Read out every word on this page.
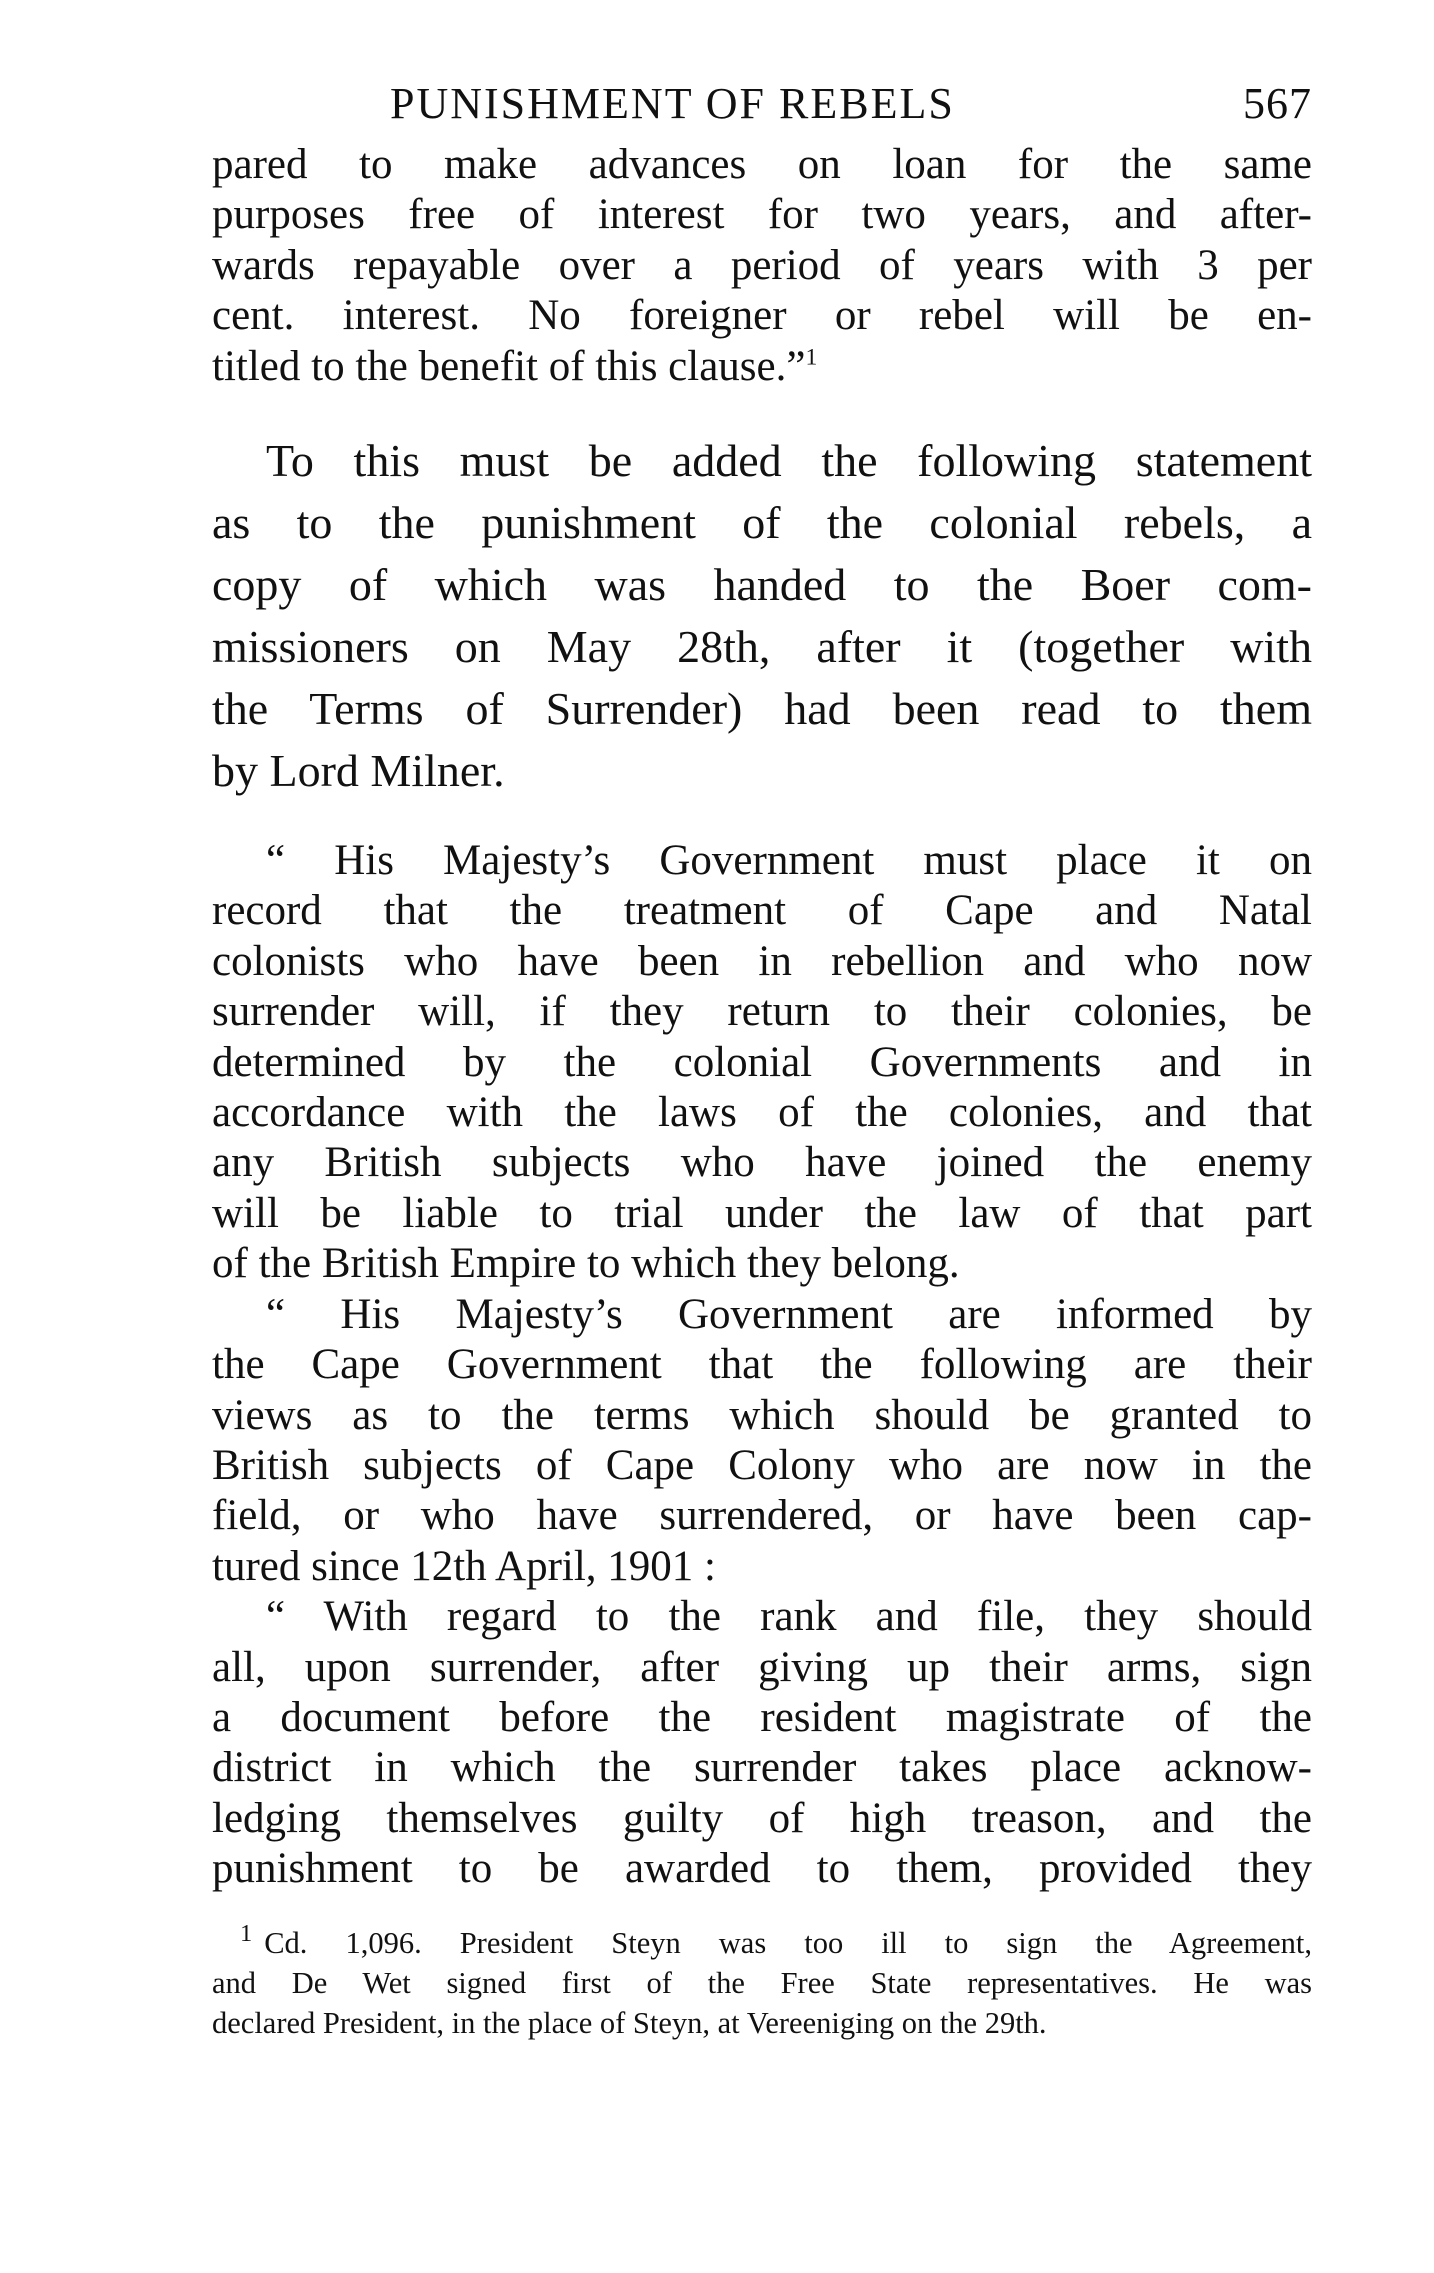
PUNISHMENT OF REBELS	567

pared to make advances on loan for the same

purposes free of interest for two years, and after-

wards repayable over a period of years with 3 per

cent. interest. No foreigner or rebel will be en-

titled to the benefit of this clause.”$^1$

To this must be added the following statement

as to the punishment of the colonial rebels, a

copy of which was handed to the Boer com-

missioners on May 28th, after it (together with

the Terms of Surrender) had been read to them

by Lord Milner.

“ His Majesty’s Government must place it on

record that the treatment of Cape and Natal

colonists who have been in rebellion and who now

surrender will, if they return to their colonies, be

determined by the colonial Governments and in

accordance with the laws of the colonies, and that

any British subjects who have joined the enemy

will be liable to trial under the law of that part

of the British Empire to which they belong.

“ His Majesty’s Government are informed by

the Cape Government that the following are their

views as to the terms which should be granted to

British subjects of Cape Colony who are now in the

field, or who have surrendered, or have been cap-

tured since 12th April, 1901 :

“ With regard to the rank and file, they should

all, upon surrender, after giving up their arms, sign

a document before the resident magistrate of the

district in which the surrender takes place acknow-

ledging themselves guilty of high treason, and the

punishment to be awarded to them, provided they

$^1$ Cd. 1,096. President Steyn was too ill to sign the Agreement,

and De Wet signed first of the Free State representatives. He was

declared President, in the place of Steyn, at Vereeniging on the 29th.
